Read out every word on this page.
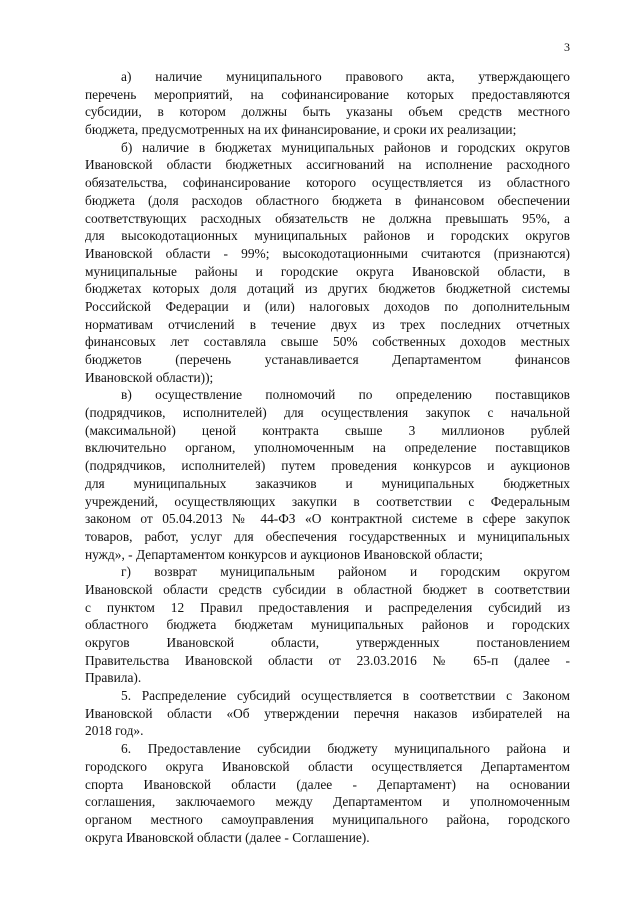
3
а) наличие муниципального правового акта, утверждающего
перечень мероприятий, на софинансирование которых предоставляются
субсидии, в котором должны быть указаны объем средств местного
бюджета, предусмотренных на их финансирование, и сроки их реализации;
б) наличие в бюджетах муниципальных районов и городских округов
Ивановской области бюджетных ассигнований на исполнение расходного
обязательства, софинансирование которого осуществляется из областного
бюджета (доля расходов областного бюджета в финансовом обеспечении
соответствующих расходных обязательств не должна превышать 95%, а
для высокодотационных муниципальных районов и городских округов
Ивановской области - 99%; высокодотационными считаются (признаются)
муниципальные районы и городские округа Ивановской области, в
бюджетах которых доля дотаций из других бюджетов бюджетной системы
Российской Федерации и (или) налоговых доходов по дополнительным
нормативам отчислений в течение двух из трех последних отчетных
финансовых лет составляла свыше 50% собственных доходов местных
бюджетов (перечень устанавливается Департаментом финансов
Ивановской области));
в) осуществление полномочий по определению поставщиков
(подрядчиков, исполнителей) для осуществления закупок с начальной
(максимальной) ценой контракта свыше 3 миллионов рублей
включительно органом, уполномоченным на определение поставщиков
(подрядчиков, исполнителей) путем проведения конкурсов и аукционов
для муниципальных заказчиков и муниципальных бюджетных
учреждений, осуществляющих закупки в соответствии с Федеральным
законом от 05.04.2013 № 44-ФЗ «О контрактной системе в сфере закупок
товаров, работ, услуг для обеспечения государственных и муниципальных
нужд», - Департаментом конкурсов и аукционов Ивановской области;
г) возврат муниципальным районом и городским округом
Ивановской области средств субсидии в областной бюджет в соответствии
с пунктом 12 Правил предоставления и распределения субсидий из
областного бюджета бюджетам муниципальных районов и городских
округов Ивановской области, утвержденных постановлением
Правительства Ивановской области от 23.03.2016 № 65-п (далее -
Правила).
5. Распределение субсидий осуществляется в соответствии с Законом
Ивановской области «Об утверждении перечня наказов избирателей на
2018 год».
6. Предоставление субсидии бюджету муниципального района и
городского округа Ивановской области осуществляется Департаментом
спорта Ивановской области (далее - Департамент) на основании
соглашения, заключаемого между Департаментом и уполномоченным
органом местного самоуправления муниципального района, городского
округа Ивановской области (далее - Соглашение).
